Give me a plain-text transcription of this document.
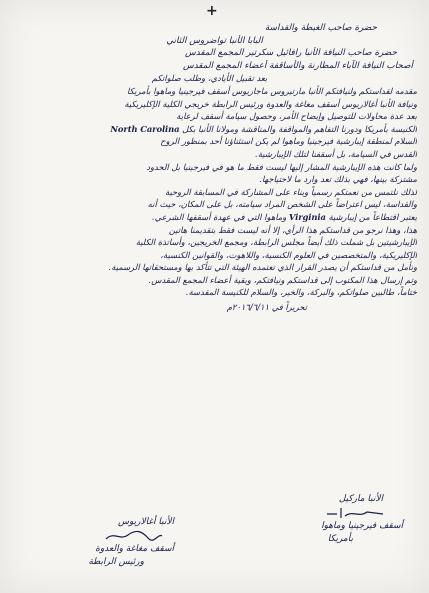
+
حضرة صاحب الغبطة والقداسة
البابا الأنبا تواضروس الثاني
حضرة صاحب النيافة الأنبا رافائيل سكرتير المجمع المقدس
أصحاب النيافة الآباء المطارنة والأساقفة أعضاء المجمع المقدس
بعد تقبيل الأيادي، وطلب صلواتكم
مقدمه لقداستكم ولنيافتكم الأنبا مارتيروس ماجاريوس أسقف فيرجينيا وماهوا بأمريكا
ونيافة الأنبا أغالاريوس أسقف مغاغة والعدوة ورئيس الرابطة خريجي الكلية الإكليريكية
بعد عدة محاولات للتوصيل وإيضاح الأمر، وحصول سيامة أسقف لرعاية
الكنيسة بأمريكا ودورنا التفاهم والمواقفة والمناقشة ومولانا الأنبا بكل North Carolina
السلام لمنطقة إيبارشية فيرجينيا وماهوا لم يكن استثناؤنا أحد بمنظور الروح
القدس في السيامة، بل أسقفنا لتلك الإيبارشية.
ولما كانت هذه الإيبارشية المشار إليها ليست فقط ما هو في فيرجينيا بل الحدود
مشتركة بينها، فهي بذلك تعد وارد ما لاحتياجها.
لذلك نلتمس من نعمتكم رسمياً وبناء على المشاركة في المسابقة الروحية
والقداسة، ليس اعتراضاً على الشخص المراد سيامته، بل على المكان، حيث أنه
يعتبر اقتطاعاً من إيبارشية Virginia وماهوا التي في عهدة أسقفها الشرعي.
هذا، وهذا نرجو من قداستكم هذا الرأي، إلا أنه ليست فقط بتقديمنا هاتين
الإيبارشيتين بل شملت ذلك أيضاً مجلس الرابطة، ومجمع الخريجين، وأساتذة الكلية
الإكليريكية، والمتخصصين في العلوم الكنسية، واللاهوت، والقوانين الكنسية،
ونأمل من قداستكم أن يصدر القرار الذي تعتمده الهيئة التي تتأكد بها ومستحقاتها الرسمية.
وتم إرسال هذا المكتوب إلى قداستكم ونيافتكم، وبقية أعضاء المجمع المقدس.
ختاماً، طالبين صلواتكم، والبركة، والخير، والسلام للكنيسة المقدسة.
تحريراً في ٢٠١٦/٦/١١م
الأنبا أغالاريوس
أسقف مغاغة والعدوة
ورئيس الرابطة
الأنبا ماركيل
أسقف فيرجينيا وماهوا
بأمريكا
